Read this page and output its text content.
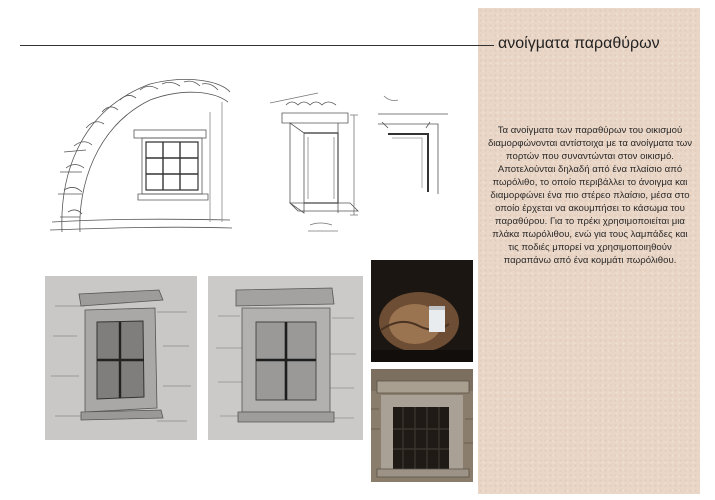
ανοίγματα παραθύρων

Τα ανοίγματα των παραθύρων του οικισμού διαμορφώνονται αντίστοιχα με τα ανοίγματα των πορτών που συναντώνται στον οικισμό. Αποτελούνται δηλαδή από ένα πλαίσιο από πωρόλιθο, το οποίο περιβάλλει το άνοιγμα και διαμορφώνει ένα πιο στέρεο πλαίσιο, μέσα στο οποίο έρχεται να ακουμπήσει το κάσωμα του παραθύρου. Για το πρέκι χρησιμοποιείται μια πλάκα πωρόλιθου, ενώ για τους λαμπάδες και τις ποδιές μπορεί να χρησιμοποιηθούν παραπάνω από ένα κομμάτι πωρόλιθου.
